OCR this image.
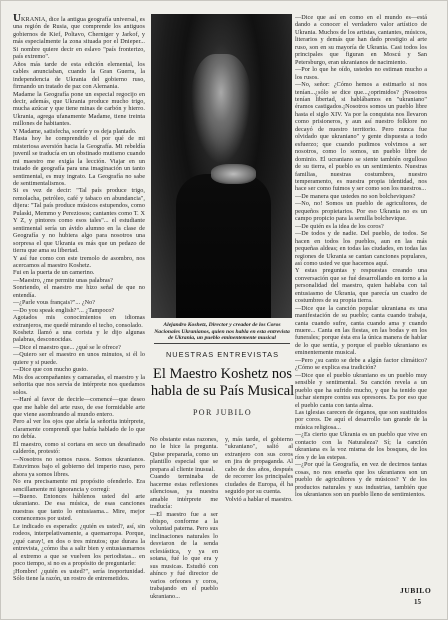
UKRANIA, dice la antigua geografía universal, es una región de Rusia, que comprende los antiguos gobiernos de Kief, Poltavo, Cherniger y Jarkof, y más especialmente la zona situada por el Dnieper... Si nombre quiere decir en eslavo "país fronterizo, país extremo".

Años más tarde de esta edición elemental, los cables anunciaban, cuando la Gran Guerra, la independencia de Ukrania del gobierno ruso, firmando un tratado de paz con Alemania.

Madame la Geografía pone un especial regocijo en decir, además, que Ukrania produce mucho trigo, mucha azúcar y que tiene minas de carbón y hierro. Ukrania, agrega ufanamente Madame, tiene treinta millones de habitantes.

Y Madame, satisfecha, sonríe y os deja plantado.

Hasta hoy he comprendido el por qué de mi misteriosa aversión hacia la Geografía. Mi rebeldía juvenil se traducía en un obstinado mutismo cuando mi maestro me exigía la lección. Viajar en un tratado de geografía para una imaginación un tanto sentimental, es muy ingrato. La Geografía no sabe de sentimentalismos.

Si es vez de decir: "Tal país produce trigo, remolacha, petróleo, café y tabaco en abundancia", dijera: "Tal país produce músicos estupendos, como Pulaski, Memmo y Pereziosos; cantantes como T. X Y Z, y pintores como esos tales"... el estudiante sentimental sería un ávido alumno en la clase de Geografía y no hubiera algo para nosotros una sorpresa el que Ukrania es más que un pedazo de tierra que ama su libertad.

Y así fue como con este tremolo de asombro, nos acercamos al maestro Koshetz.

Fui en la puerta de un camerino.

—Maestro, ¿me permite unas palabras?

Sonriendo, el maestro me hizo señal de que no entendía.

—¿Parle vous français?"... ¿No?

—Do you speak english?"... ¿Tampoco?

Agotados mis conocimientos en idiomas extranjeros, me quedé mirando el techo, consolado.

Koshetz llamó a una corista y le dijo algunas palabras, desconocidas.

—Dice el maestro que... ¿qué se le ofrece?

—Quiero ser el maestro en unos minutos, si él lo quiere y si puede.

—Dice que con mucho gusto.

Mis dos acompañantes y camaradas, el maestro y la señorita que nos servía de intérprete nos quedamos solos.

—Haré al favor de decirle—comencé—que deseo que me hable del arte ruso, de ese formidable arte que viene asombrando al mundo entero.

Pero al ver los ojos que abría la señorita intérprete, claramente comprendí que había hablado de lo que no debía.

El maestro, como si cortara en seco un desafinado calderón, protestó:

—Nosotros no somos rusos. Somos ukranianos. Estuvimos bajo el gobierno del imperio ruso, pero ahora ya somos libres.

No era precisamente mi propósito ofenderlo. Era sencillamente mi ignorancia y corregí:

—Bueno. Entonces háblenos usted del arte ukraniano. De esa música, de esas canciones nuestras que tanto lo entusiasma... Mire, mejor comencemos por usted.

Le indicado es esperado: ¿quién es usted?, así, sin rodeos, interpelativamente, a quemarropa. Porque, ¿qué caray!, en dos o tres minutos; que durara la entrevista, ¿cómo iba a salir bien y entusiasmarnos al extremo a que se vuelven los periodistas... en poco tiempo, si no es a propósito de preguntarle:

¡Hombre! ¿quién es usted?", sería inoportunidad. Sólo tiene la razón, un rostro de entremetidos.

Alejandro Koshetz, Director y creador de los Coros Nacionales Ukranianos, quien nos habla en esta entrevista de Ukrania, un pueblo eminentemente musical
NUESTRAS ENTREVISTAS
El Maestro Koshetz nos habla de su País Musical
POR JUBILO

No obstante estas razones, no le hice la pregunta. Quise prepararla, como un plantillo especial que se prepara al cliente inusual.

Cuando terminaba de hacerme estas reflexiones silenciosas, ya nuestra amable intérprete me traducía:

—El maestro fue a ser obispo, conforme a la voluntad paterna. Pero sus inclinaciones naturales lo desviaron de la senda eclesiástica, y ya en sotana, fué lo que era y sus musicas. Estudió con ahínco y fué director de varios orfeones y coros, trabajando en el pueblo ukraniano...

y, más tarde, el gobierno "ukraniano", salió al extranjero con sus coros en jira de propaganda. Al cabo de dos años, después de recorrer los principales ciudades de Europa, él ha seguido por su cuenta.

Volvió a hablar el maestro.

—Dice que así en como en el mundo es—está dando a conocer el verdadero valor artístico de Ukrania. Muchos de los artistas, cantantes, músicos, literarios y demás que han dado prestigio al arte ruso, son en su mayoría de Ukrania. Casi todos los principales que figuran en Moscú y San Petersburgo, eran ukranianos de nacimiento.

—Por lo que he oído, ustedes no estiman mucho a los rusos.

—No, señor: ¿Cómo hemos a estimarlo si nos tenían...¿sólo se dice que...¿oprimidos? ¡Nosotros tenían libertad, si hablábamos en "ukraniano" éramos castigados.¡Nosotros somos un pueblo libre hasta el siglo XIV. Ya por la conquista nos llevaron como prisioneros, y aun así nuestro folklore no decayó de nuestro territorio. Pero nunca fue olvidado que ukraniano" y gente dispuesta a todo esfuerzo; que cuando pudimos volvimos a ser nosotros, como lo somos, un pueblo libre de dominio. El ucraniano se siente también orgulloso de su tierra, el pueblo es un sentimiento. Nuestras familias, nuestras costumbres, nuestro temperamento, es nuestra propia identidad, nos hace ser como fuimos y ser como son los nuestros...

—De manera que ustedes no son bolcheviques?

—No, no! Somos un pueblo de agricultores, de pequeños propietarios. Por eso Ukrania no es un campo propicio para la semilla bolchevique.

—De quién es la idea de los coros?

—De todos y de nadie. Del pueblo, de todos. Se hacen en todos los pueblos, aun en las más pequeñas aldeas; en todas las ciudades, en todas las regiones de Ukrania se cantan canciones populares, así como usted ve que hacemos aquí.

Y estas preguntas y respuestas creando una conversación que se fué desarrollando en torno a la personalidad del maestro, quien hablaba con tal entusiasmo de Ukrania, que parecía un cuadro de costumbres de su propia tierra.

—Dice que la canción popular ukraniana es una manifestación de su pueblo; canta cuando trabaja, canta cuando sufre, canta cuando ama y cuando muere... Canta en las fiestas, en las bodas y en los funerales; porque ésta era la única manera de hablar de lo que sentía, y porque el pueblo ukraniano es eminentemente musical.

—Pero ¿su canto se debe a algún factor climático? ¿Cómo se explica esa tradición?

—Dice que el pueblo ukraniano es un pueblo muy sensible y sentimental. Su canción revela a un pueblo que ha sufrido mucho, y que ha tenido que luchar siempre contra sus opresores. Es por eso que el pueblo canta con tanta alma.

Las iglesias carecen de órganos, que son sustituidos por coros. De aquí el desarrollo tan grande de la música religiosa...

—¿Es cierto que Ukrania es un pueblo que vive en contacto con la Naturaleza? Sí; la canción ukraniana es la voz misma de los bosques, de los ríos y de las estepas.

—¿Por qué la Geografía, en vez de decirnos tantas cosas, no nos enseña que los ukranianos son un pueblo de agricultores y de músicos? Y de los productos naturales y sus industrias, también que los ukranianos son un pueblo lleno de sentimientos.

JUBILO
15
